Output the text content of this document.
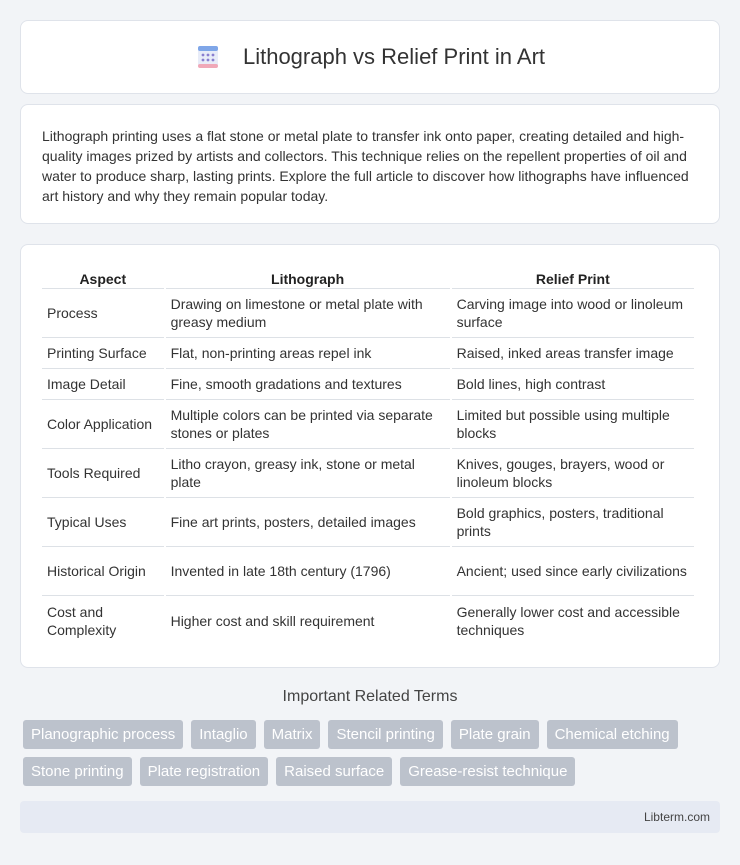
Lithograph vs Relief Print in Art

Lithograph printing uses a flat stone or metal plate to transfer ink onto paper, creating detailed and high-quality images prized by artists and collectors. This technique relies on the repellent properties of oil and water to produce sharp, lasting prints. Explore the full article to discover how lithographs have influenced art history and why they remain popular today.

Aspect	Lithograph	Relief Print
Process	Drawing on limestone or metal plate with greasy medium	Carving image into wood or linoleum surface
Printing Surface	Flat, non-printing areas repel ink	Raised, inked areas transfer image
Image Detail	Fine, smooth gradations and textures	Bold lines, high contrast
Color Application	Multiple colors can be printed via separate stones or plates	Limited but possible using multiple blocks
Tools Required	Litho crayon, greasy ink, stone or metal plate	Knives, gouges, brayers, wood or linoleum blocks
Typical Uses	Fine art prints, posters, detailed images	Bold graphics, posters, traditional prints
Historical Origin	Invented in late 18th century (1796)	Ancient; used since early civilizations
Cost and Complexity	Higher cost and skill requirement	Generally lower cost and accessible techniques
Important Related Terms
Planographic process	Intaglio	Matrix	Stencil printing	Plate grain	Chemical etching
Stone printing	Plate registration	Raised surface	Grease-resist technique
Libterm.com
